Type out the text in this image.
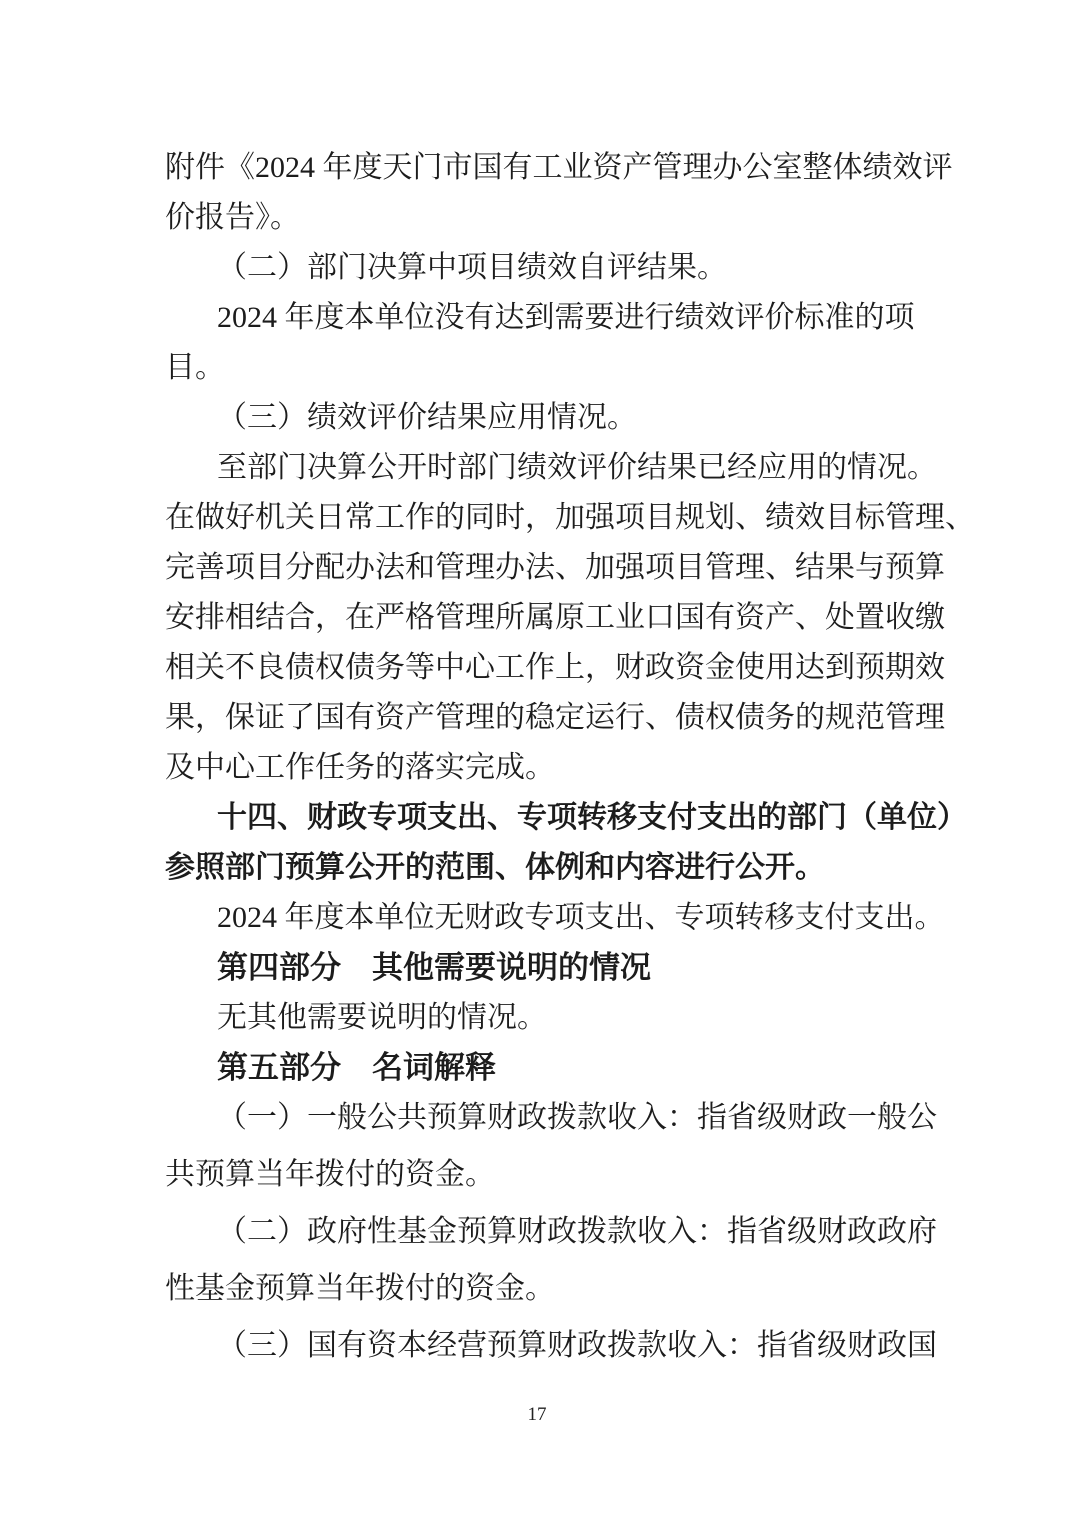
附件《2024 年度天门市国有工业资产管理办公室整体绩效评
价报告》。
（二）部门决算中项目绩效自评结果。
2024 年度本单位没有达到需要进行绩效评价标准的项
目。
（三）绩效评价结果应用情况。
至部门决算公开时部门绩效评价结果已经应用的情况。
在做好机关日常工作的同时，加强项目规划、绩效目标管理、
完善项目分配办法和管理办法、加强项目管理、结果与预算
安排相结合，在严格管理所属原工业口国有资产、处置收缴
相关不良债权债务等中心工作上，财政资金使用达到预期效
果，保证了国有资产管理的稳定运行、债权债务的规范管理
及中心工作任务的落实完成。
十四、财政专项支出、专项转移支付支出的部门（单位）
参照部门预算公开的范围、体例和内容进行公开。
2024 年度本单位无财政专项支出、专项转移支付支出。
第四部分　其他需要说明的情况
无其他需要说明的情况。
第五部分　名词解释
（一）一般公共预算财政拨款收入：指省级财政一般公
共预算当年拨付的资金。
（二）政府性基金预算财政拨款收入：指省级财政政府
性基金预算当年拨付的资金。
（三）国有资本经营预算财政拨款收入：指省级财政国
17
